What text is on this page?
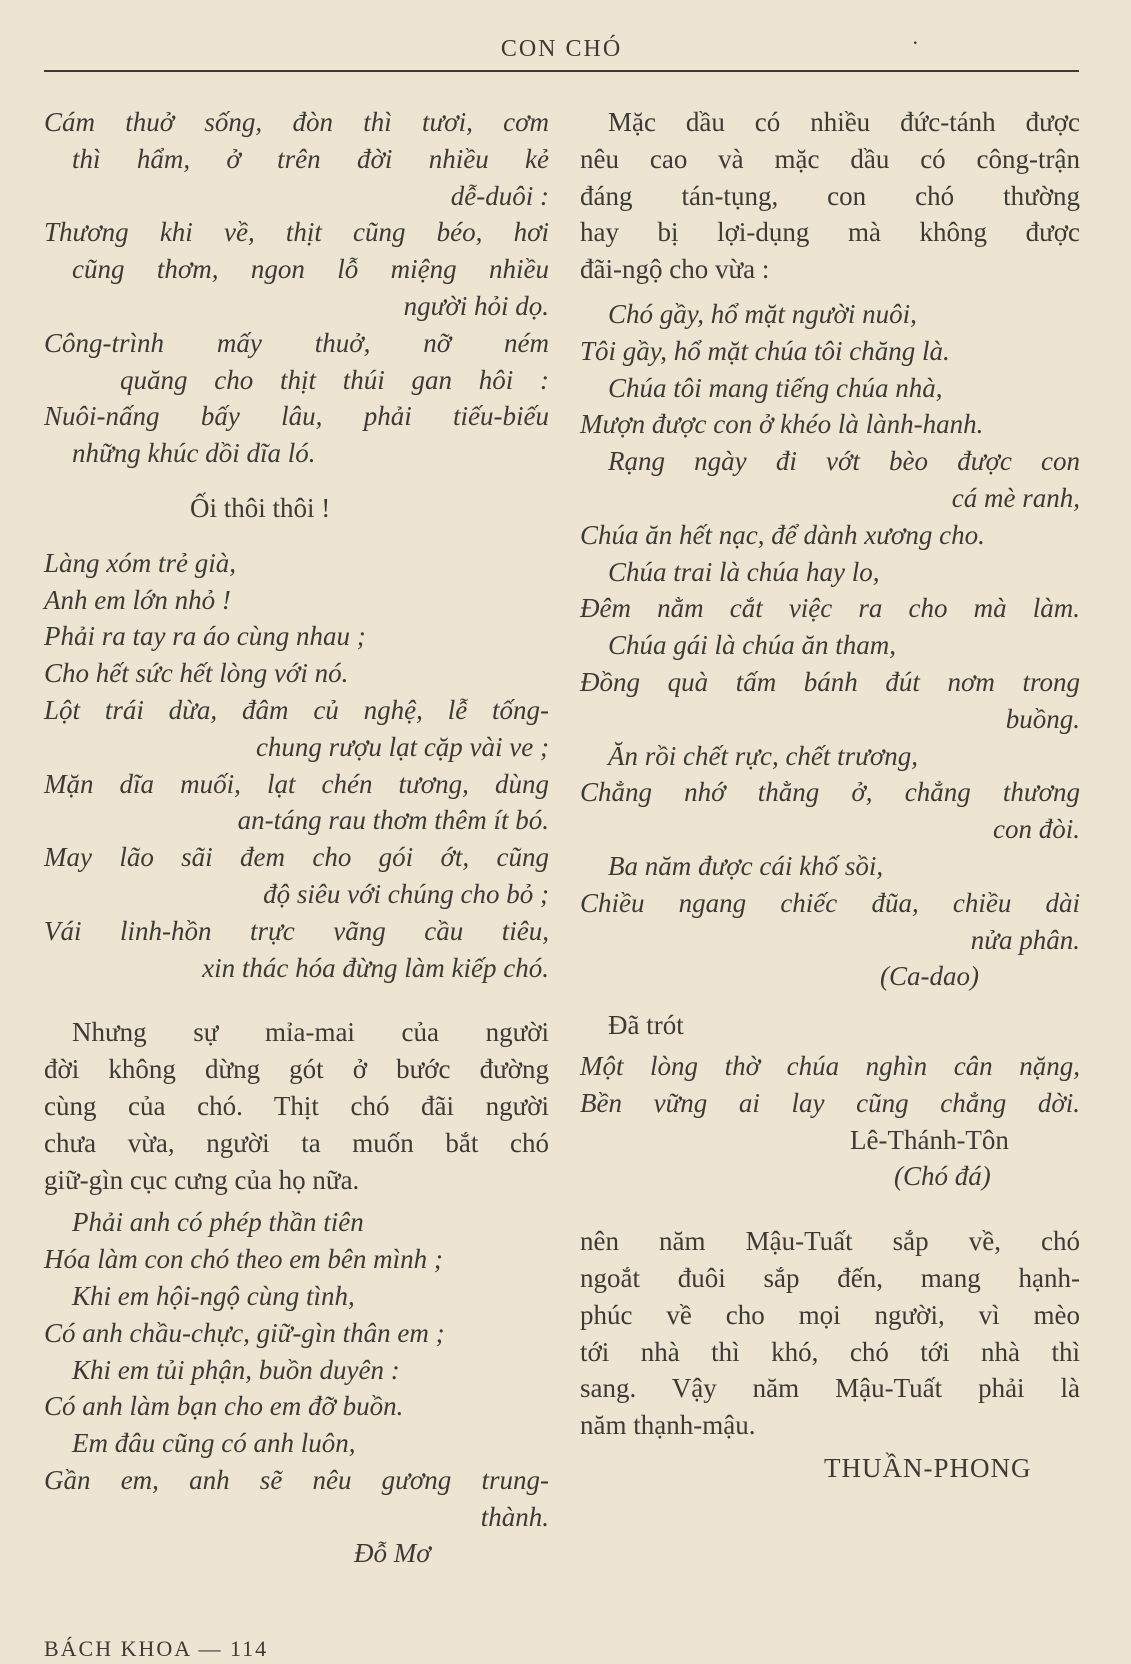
CON CHÓ	·
Cám thuở sống, đòn thì tươi, cơm
thì hẩm, ở trên đời nhiều kẻ
dễ-duôi :
Thương khi về, thịt cũng béo, hơi
cũng thơm, ngon lỗ miệng nhiều
người hỏi dọ.
Công-trình mấy thuở, nỡ ném
quăng cho thịt thúi gan hôi :
Nuôi-nấng bấy lâu, phải tiếu-biếu
những khúc dồi dĩa ló.
Ối thôi thôi !
Làng xóm trẻ già,
Anh em lớn nhỏ !
Phải ra tay ra áo cùng nhau ;
Cho hết sức hết lòng với nó.
Lột trái dừa, đâm củ nghệ, lễ tống-
chung rượu lạt cặp vài ve ;
Mặn dĩa muối, lạt chén tương, dùng
an-táng rau thơm thêm ít bó.
May lão sãi đem cho gói ớt, cũng
độ siêu với chúng cho bỏ ;
Vái linh-hồn trực vãng cầu tiêu,
xin thác hóa đừng làm kiếp chó.
Nhưng sự mỉa-mai của người
đời không dừng gót ở bước đường
cùng của chó. Thịt chó đãi người
chưa vừa, người ta muốn bắt chó
giữ-gìn cục cưng của họ nữa.
Phải anh có phép thần tiên
Hóa làm con chó theo em bên mình ;
Khi em hội-ngộ cùng tình,
Có anh chầu-chực, giữ-gìn thân em ;
Khi em tủi phận, buồn duyên :
Có anh làm bạn cho em đỡ buồn.
Em đâu cũng có anh luôn,
Gần em, anh sẽ nêu gương trung-
thành.
Đỗ Mơ
Mặc dầu có nhiều đức-tánh được
nêu cao và mặc dầu có công-trận
đáng tán-tụng, con chó thường
hay bị lợi-dụng mà không được
đãi-ngộ cho vừa :
Chó gầy, hổ mặt người nuôi,
Tôi gầy, hổ mặt chúa tôi chăng là.
Chúa tôi mang tiếng chúa nhà,
Mượn được con ở khéo là lành-hanh.
Rạng ngày đi vớt bèo được con
cá mè ranh,
Chúa ăn hết nạc, để dành xương cho.
Chúa trai là chúa hay lo,
Đêm nằm cắt việc ra cho mà làm.
Chúa gái là chúa ăn tham,
Đồng quà tấm bánh đút nơm trong
buồng.
Ăn rồi chết rực, chết trương,
Chẳng nhớ thằng ở, chẳng thương
con đòi.
Ba năm được cái khố sồi,
Chiều ngang chiếc đũa, chiều dài
nửa phân.
(Ca-dao)
Đã trót
Một lòng thờ chúa nghìn cân nặng,
Bền vững ai lay cũng chẳng dời.
Lê-Thánh-Tôn
(Chó đá)
nên năm Mậu-Tuất sắp về, chó
ngoắt đuôi sắp đến, mang hạnh-
phúc về cho mọi người, vì mèo
tới nhà thì khó, chó tới nhà thì
sang. Vậy năm Mậu-Tuất phải là
năm thạnh-mậu.
THUẦN-PHONG
BÁCH KHOA — 114
